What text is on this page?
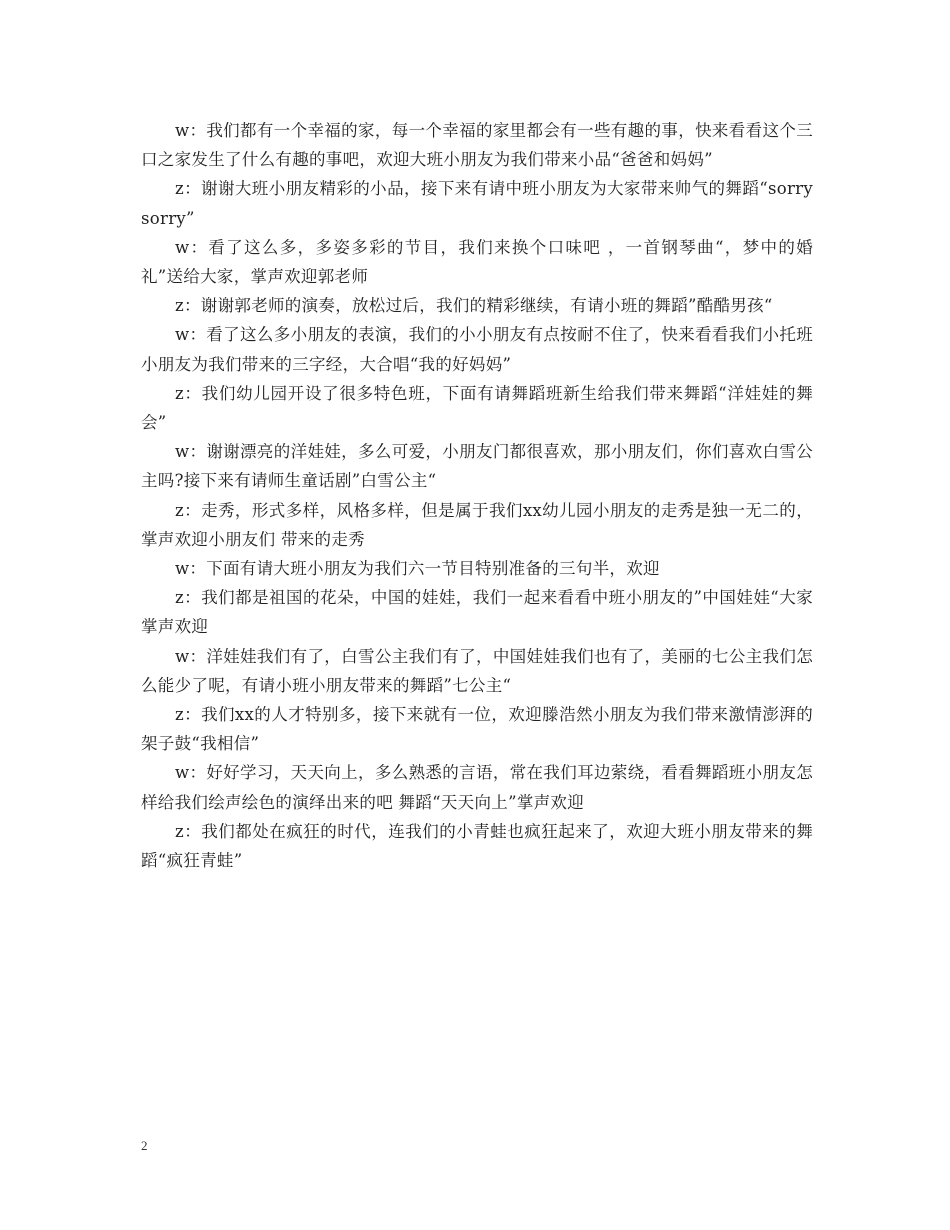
w：我们都有一个幸福的家，每一个幸福的家里都会有一些有趣的事，快来看看这个三口之家发生了什么有趣的事吧，欢迎大班小朋友为我们带来小品“爸爸和妈妈”

z：谢谢大班小朋友精彩的小品，接下来有请中班小朋友为大家带来帅气的舞蹈“sorry sorry”

w：看了这么多，多姿多彩的节目，我们来换个口味吧 ，一首钢琴曲“，梦中的婚礼”送给大家，掌声欢迎郭老师

z：谢谢郭老师的演奏，放松过后，我们的精彩继续，有请小班的舞蹈”酷酷男孩“

w：看了这么多小朋友的表演，我们的小小朋友有点按耐不住了，快来看看我们小托班小朋友为我们带来的三字经，大合唱“我的好妈妈”

z：我们幼儿园开设了很多特色班，下面有请舞蹈班新生给我们带来舞蹈“洋娃娃的舞会”

w：谢谢漂亮的洋娃娃，多么可爱，小朋友门都很喜欢，那小朋友们，你们喜欢白雪公主吗?接下来有请师生童话剧”白雪公主“

z：走秀，形式多样，风格多样，但是属于我们xx幼儿园小朋友的走秀是独一无二的，掌声欢迎小朋友们 带来的走秀

w：下面有请大班小朋友为我们六一节目特别准备的三句半，欢迎

z：我们都是祖国的花朵，中国的娃娃，我们一起来看看中班小朋友的”中国娃娃“大家掌声欢迎

w：洋娃娃我们有了，白雪公主我们有了，中国娃娃我们也有了，美丽的七公主我们怎么能少了呢，有请小班小朋友带来的舞蹈”七公主“

z：我们xx的人才特别多，接下来就有一位，欢迎滕浩然小朋友为我们带来激情澎湃的架子鼓“我相信”

w：好好学习，天天向上，多么熟悉的言语，常在我们耳边萦绕，看看舞蹈班小朋友怎样给我们绘声绘色的演绎出来的吧 舞蹈“天天向上”掌声欢迎

z：我们都处在疯狂的时代，连我们的小青蛙也疯狂起来了，欢迎大班小朋友带来的舞蹈“疯狂青蛙”

2
